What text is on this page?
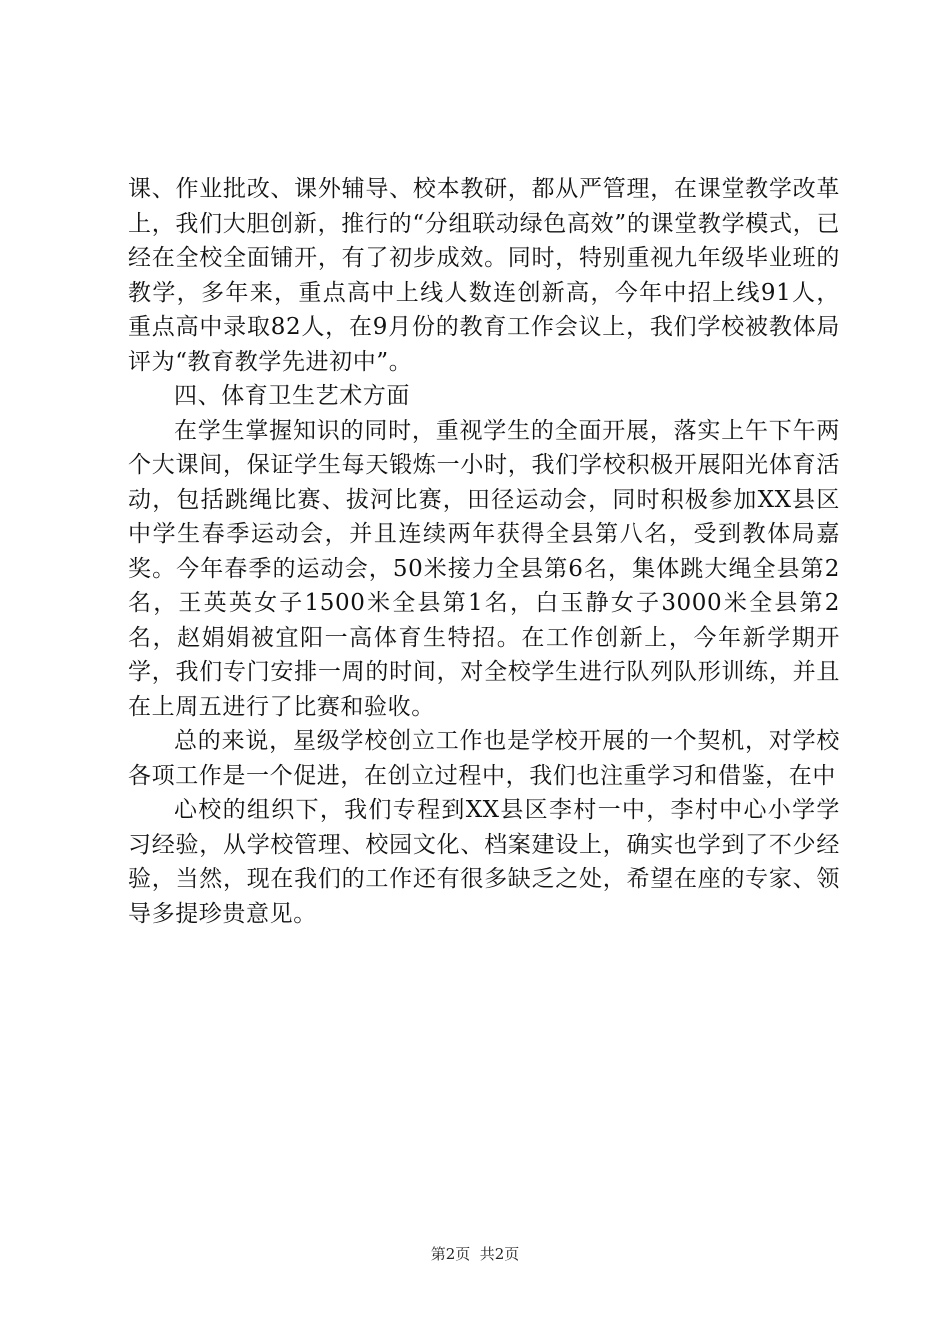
课、作业批改、课外辅导、校本教研，都从严管理，在课堂教学改革上，我们大胆创新，推行的“分组联动绿色高效”的课堂教学模式，已经在全校全面铺开，有了初步成效。同时，特别重视九年级毕业班的教学，多年来，重点高中上线人数连创新高，今年中招上线91人，重点高中录取82人，在9月份的教育工作会议上，我们学校被教体局评为“教育教学先进初中”。

四、体育卫生艺术方面

在学生掌握知识的同时，重视学生的全面开展，落实上午下午两个大课间，保证学生每天锻炼一小时，我们学校积极开展阳光体育活动，包括跳绳比赛、拔河比赛，田径运动会，同时积极参加XX县区中学生春季运动会，并且连续两年获得全县第八名，受到教体局嘉奖。今年春季的运动会，50米接力全县第6名，集体跳大绳全县第2名，王英英女子1500米全县第1名，白玉静女子3000米全县第2名，赵娟娟被宜阳一高体育生特招。在工作创新上，今年新学期开学，我们专门安排一周的时间，对全校学生进行队列队形训练，并且在上周五进行了比赛和验收。

总的来说，星级学校创立工作也是学校开展的一个契机，对学校各项工作是一个促进，在创立过程中，我们也注重学习和借鉴，在中

心校的组织下，我们专程到XX县区李村一中，李村中心小学学习经验，从学校管理、校园文化、档案建设上，确实也学到了不少经验，当然，现在我们的工作还有很多缺乏之处，希望在座的专家、领导多提珍贵意见。

第2页  共2页
